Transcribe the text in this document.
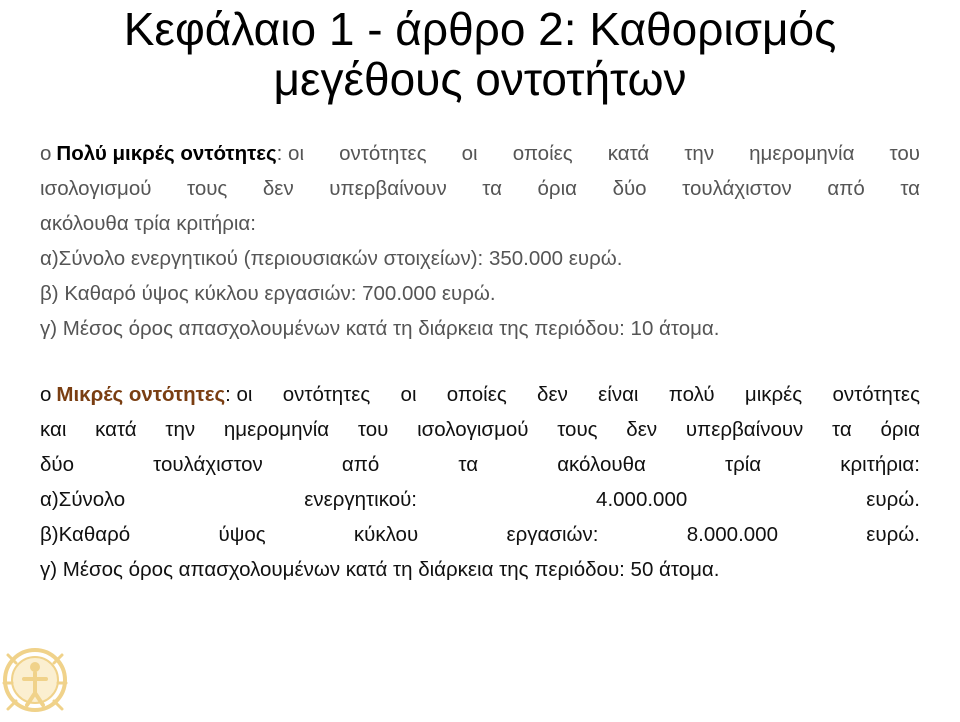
Κεφάλαιο 1 - άρθρο 2: Καθορισμός
μεγέθους οντοτήτων
o Πολύ μικρές οντότητες: οι οντότητες οι οποίες κατά την ημερομηνία του
ισολογισμού τους δεν υπερβαίνουν τα όρια δύο τουλάχιστον από τα
ακόλουθα τρία κριτήρια:
α)Σύνολο ενεργητικού (περιουσιακών στοιχείων): 350.000 ευρώ.
β) Καθαρό ύψος κύκλου εργασιών: 700.000 ευρώ.
γ) Μέσος όρος απασχολουμένων κατά τη διάρκεια της περιόδου: 10 άτομα.
o Μικρές οντότητες: οι οντότητες οι οποίες δεν είναι πολύ μικρές οντότητες
και κατά την ημερομηνία του ισολογισμού τους δεν υπερβαίνουν τα όρια
δύο	τουλάχιστον	από	τα	ακόλουθα	τρία	κριτήρια:
α)Σύνολο	ενεργητικού:	4.000.000	ευρώ.
β)Καθαρό	ύψος	κύκλου	εργασιών:	8.000.000	ευρώ.
γ) Μέσος όρος απασχολουμένων κατά τη διάρκεια της περιόδου: 50 άτομα.
